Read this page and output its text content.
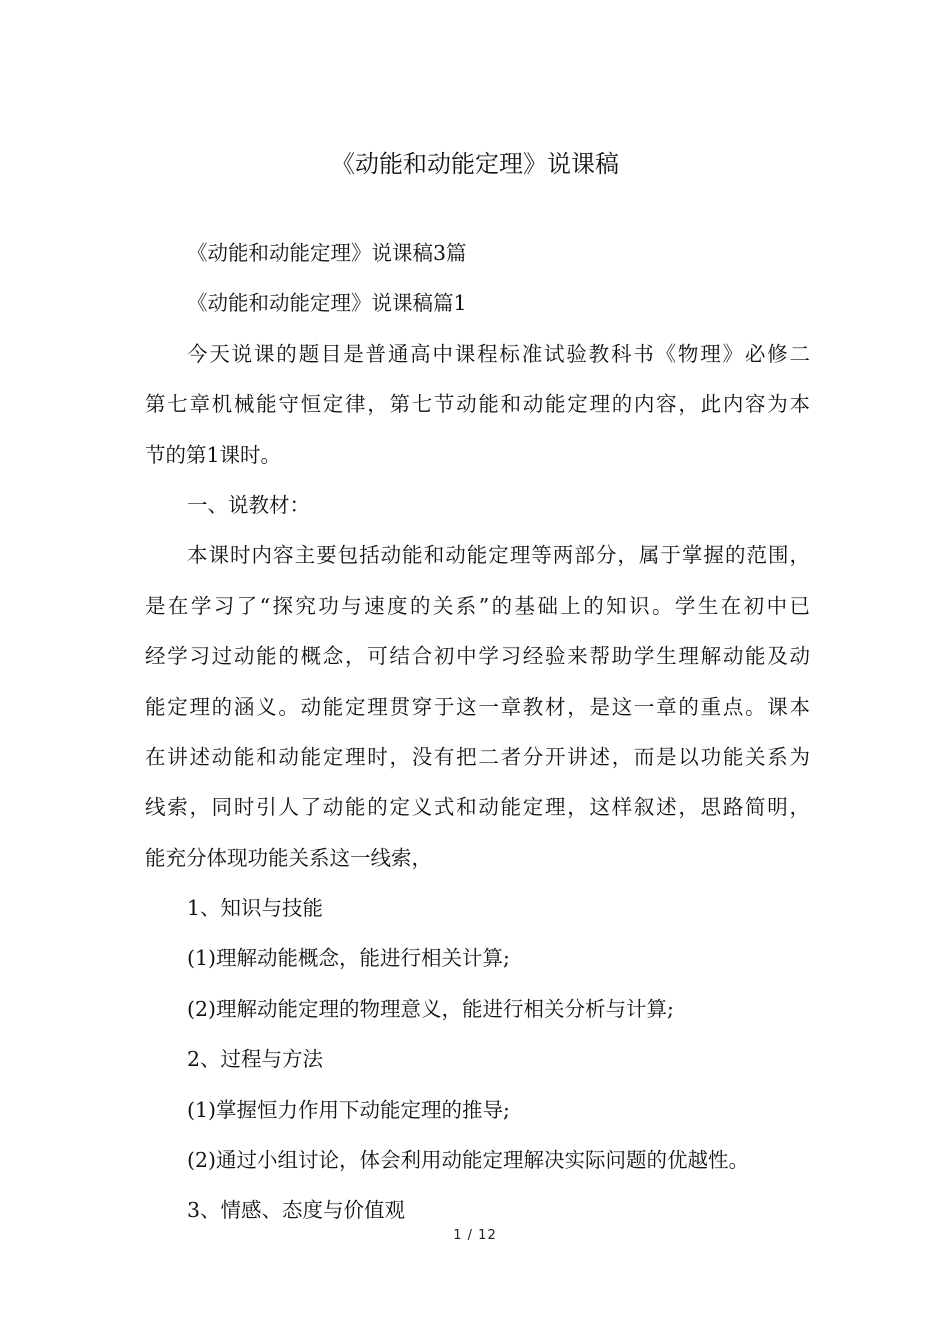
《动能和动能定理》说课稿
《动能和动能定理》说课稿3篇
《动能和动能定理》说课稿篇1
今天说课的题目是普通高中课程标准试验教科书《物理》必修二
第七章机械能守恒定律，第七节动能和动能定理的内容，此内容为本
节的第1课时。
一、说教材：
本课时内容主要包括动能和动能定理等两部分，属于掌握的范围，
是在学习了“探究功与速度的关系”的基础上的知识。学生在初中已
经学习过动能的概念，可结合初中学习经验来帮助学生理解动能及动
能定理的涵义。动能定理贯穿于这一章教材，是这一章的重点。课本
在讲述动能和动能定理时，没有把二者分开讲述，而是以功能关系为
线索，同时引人了动能的定义式和动能定理，这样叙述，思路简明，
能充分体现功能关系这一线索，
1、知识与技能
(1)理解动能概念，能进行相关计算;
(2)理解动能定理的物理意义，能进行相关分析与计算;
2、过程与方法
(1)掌握恒力作用下动能定理的推导;
(2)通过小组讨论，体会利用动能定理解决实际问题的优越性。
3、情感、态度与价值观
1 / 12
